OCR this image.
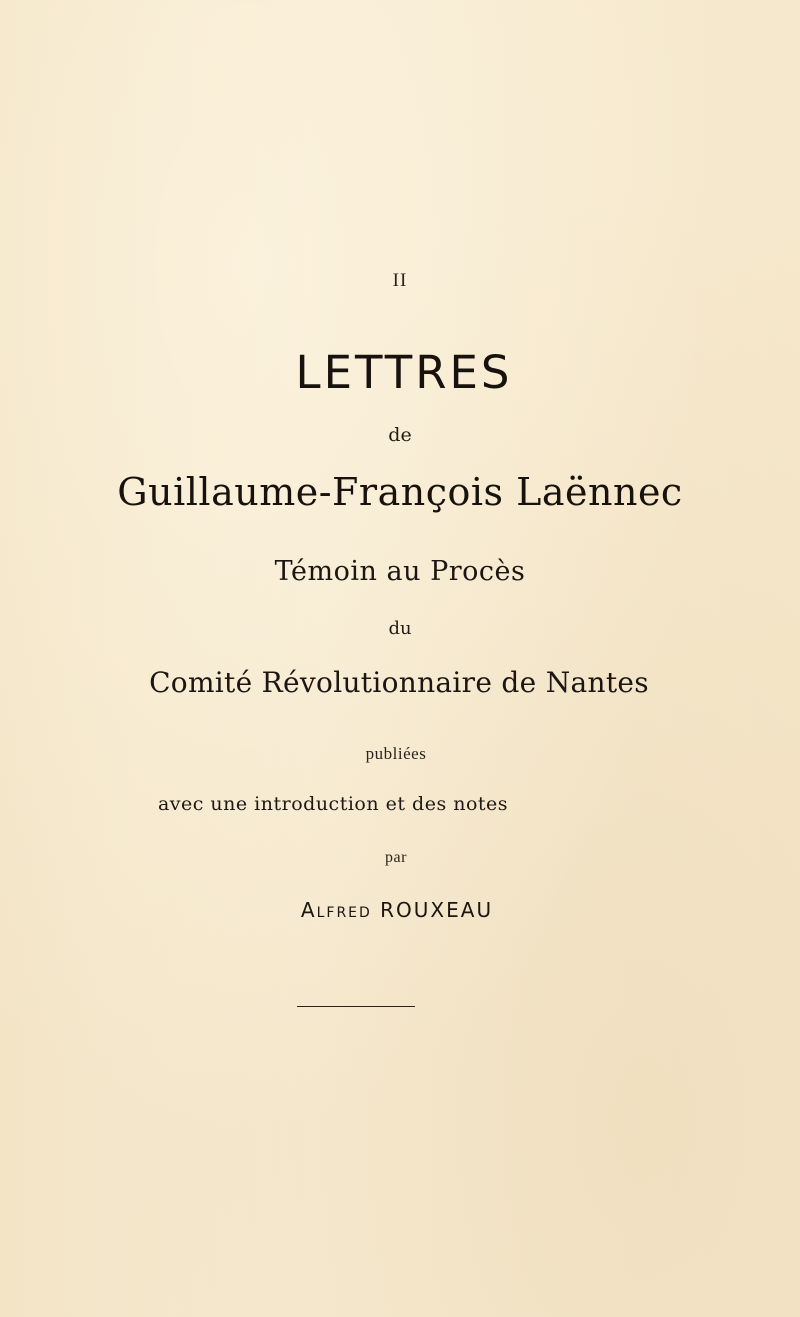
II
LETTRES
de
Guillaume-François Laënnec
Témoin au Procès
du
Comité Révolutionnaire de Nantes
publiées
avec une introduction et des notes
par
Alfred ROUXEAU
